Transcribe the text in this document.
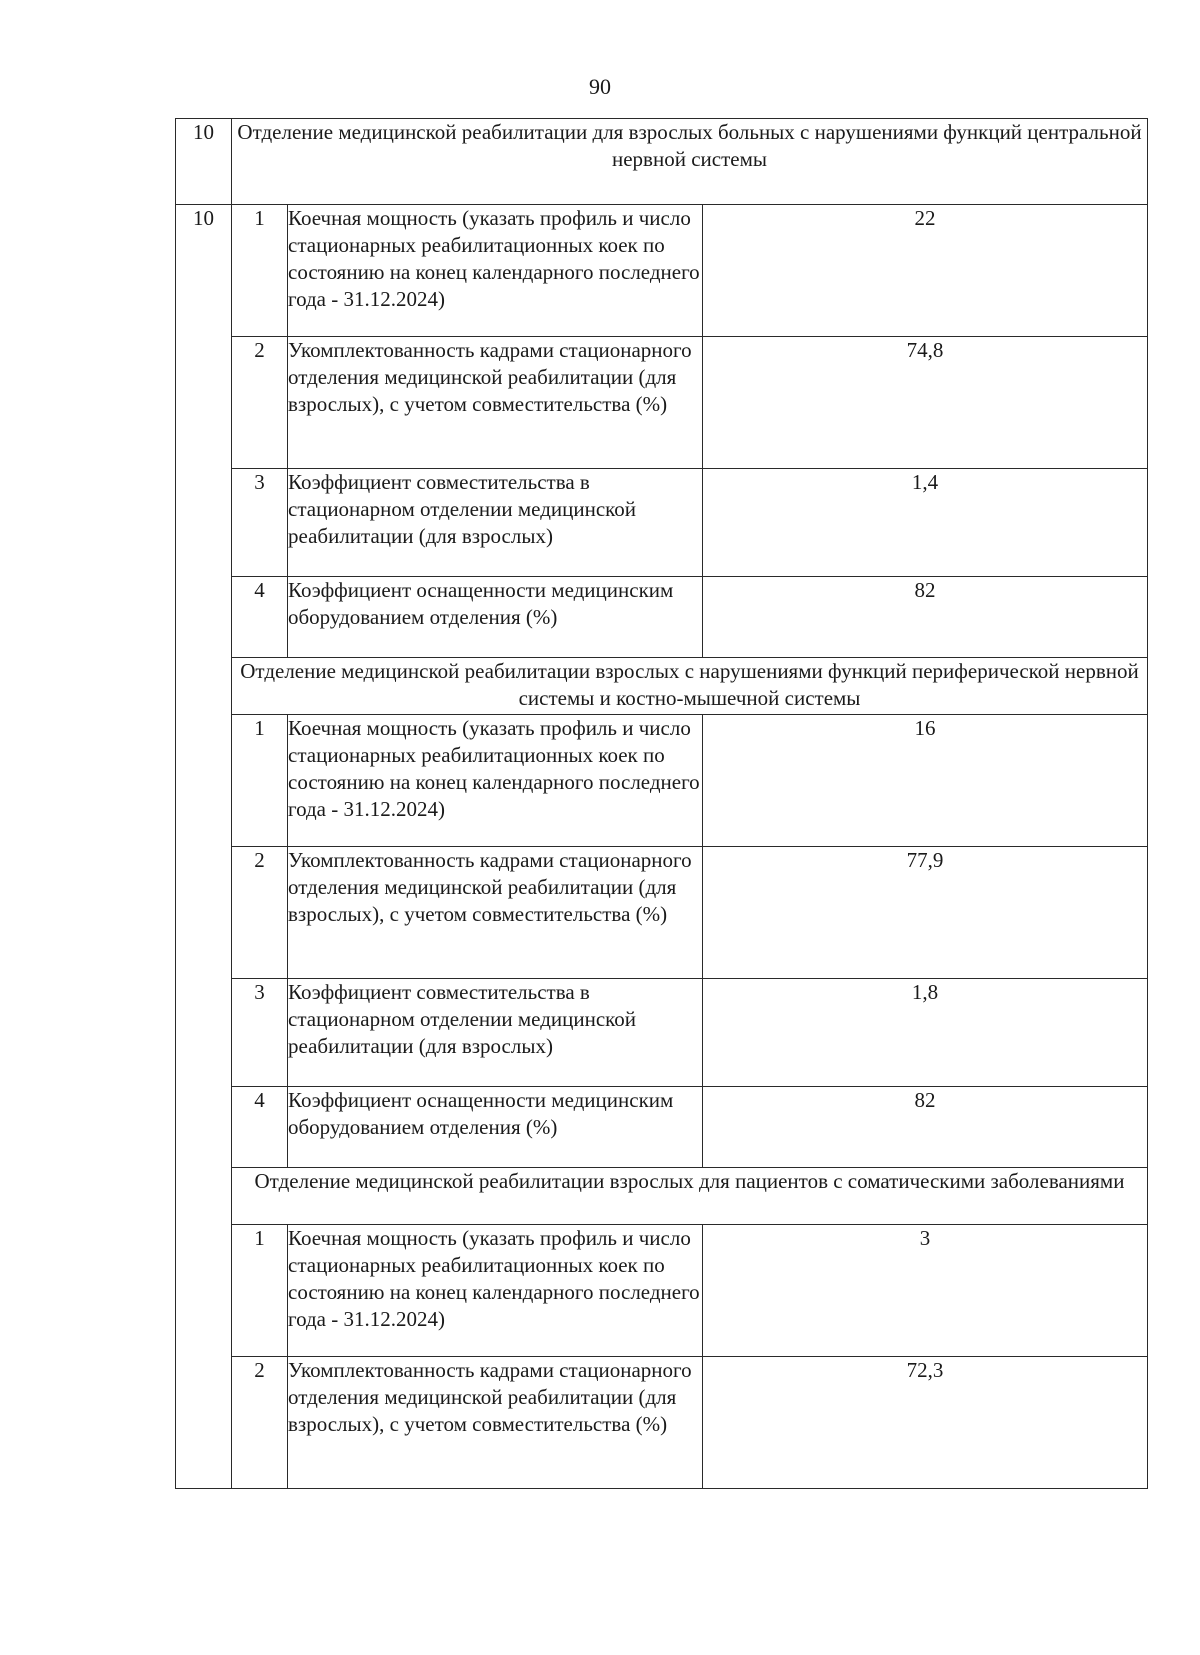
90
10	Отделение медицинской реабилитации для взрослых больных с нарушениями функций центральной нервной системы		
10	1	Коечная мощность (указать профиль и число стационарных реабилитационных коек по состоянию на конец календарного последнего года - 31.12.2024)	22
	2	Укомплектованность кадрами стационарного отделения медицинской реабилитации (для взрослых), с учетом совместительства (%)	74,8
	3	Коэффициент совместительства в стационарном отделении медицинской реабилитации (для взрослых)	1,4
	4	Коэффициент оснащенности медицинским оборудованием отделения (%)	82
	Отделение медицинской реабилитации взрослых с нарушениями функций периферической нервной системы и костно-мышечной системы		
	1	Коечная мощность (указать профиль и число стационарных реабилитационных коек по состоянию на конец календарного последнего года - 31.12.2024)	16
	2	Укомплектованность кадрами стационарного отделения медицинской реабилитации (для взрослых), с учетом совместительства (%)	77,9
	3	Коэффициент совместительства в стационарном отделении медицинской реабилитации (для взрослых)	1,8
	4	Коэффициент оснащенности медицинским оборудованием отделения (%)	82
	Отделение медицинской реабилитации взрослых для пациентов с соматическими заболеваниями		
	1	Коечная мощность (указать профиль и число стационарных реабилитационных коек по состоянию на конец календарного последнего года - 31.12.2024)	3
	2	Укомплектованность кадрами стационарного отделения медицинской реабилитации (для взрослых), с учетом совместительства (%)	72,3
